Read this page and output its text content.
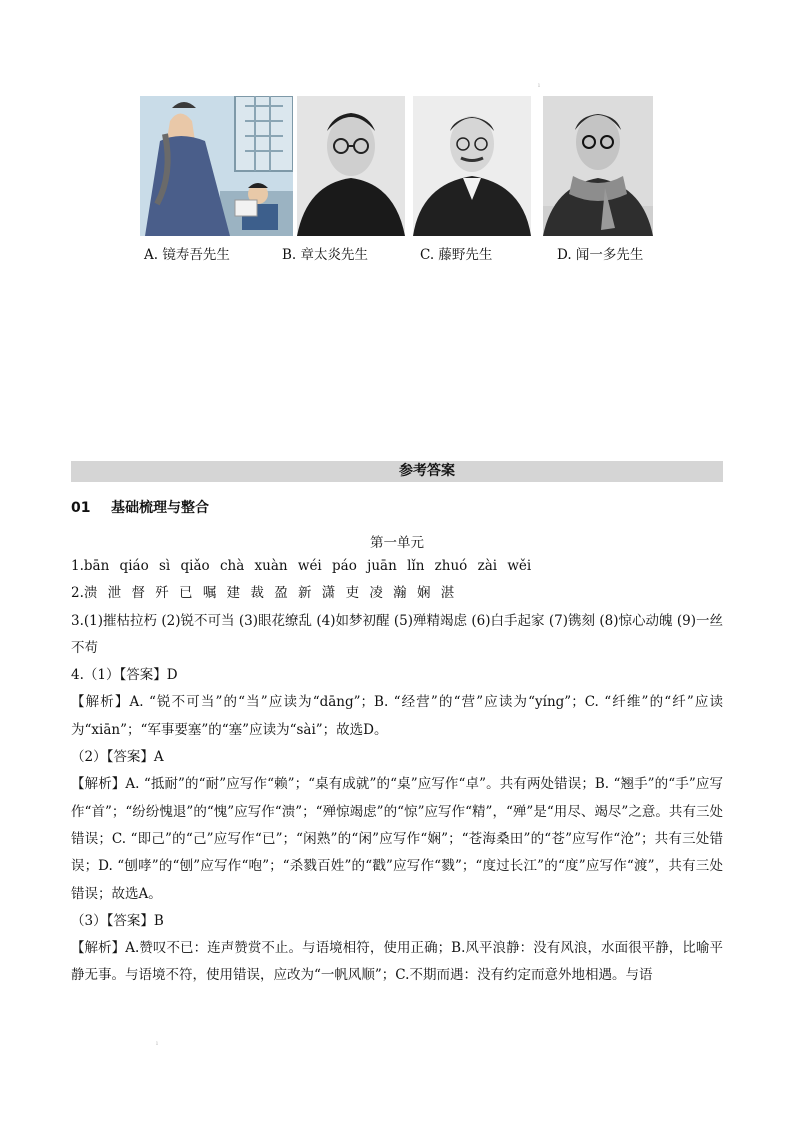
A. 镜寿吾先生	B. 章太炎先生	C. 藤野先生	D. 闻一多先生
ı
ı
参考答案
01 基础梳理与整合
第一单元

1.bān qiáo sì qiǎo chà xuàn wéi páo juān lǐn zhuó zài wěi

2.溃 泄 督 歼 已 嘱 建 裁 盈 新 潇 吏 凌 瀚 娴 湛

3.(1)摧枯拉朽 (2)锐不可当 (3)眼花缭乱 (4)如梦初醒 (5)殚精竭虑 (6)白手起家 (7)镌刻 (8)惊心动魄 (9)一丝不苟

4.（1）【答案】D

【解析】A. “锐不可当”的“当”应读为“dāng”；B. “经营”的“营”应读为“yíng”；C. “纤维”的“纤”应读为“xiān”；“军事要塞”的“塞”应读为“sài”；故选D。

（2）【答案】A

【解析】A. “抵耐”的“耐”应写作“赖”；“桌有成就”的“桌”应写作“卓”。共有两处错误；B. “翘手”的“手”应写作“首”；“纷纷愧退”的“愧”应写作“溃”；“殚惊竭虑”的“惊”应写作“精”，“殚”是“用尽、竭尽”之意。共有三处错误；C. “即己”的“己”应写作“已”；“闲熟”的“闲”应写作“娴”；“苍海桑田”的“苍”应写作“沧”；共有三处错误；D. “刨哮”的“刨”应写作“咆”；“杀戮百姓”的“戳”应写作“戮”；“度过长江”的“度”应写作“渡”，共有三处错误；故选A。

（3）【答案】B

【解析】A.赞叹不已：连声赞赏不止。与语境相符，使用正确；B.风平浪静：没有风浪，水面很平静，比喻平静无事。与语境不符，使用错误，应改为“一帆风顺”；C.不期而遇：没有约定而意外地相遇。与语
